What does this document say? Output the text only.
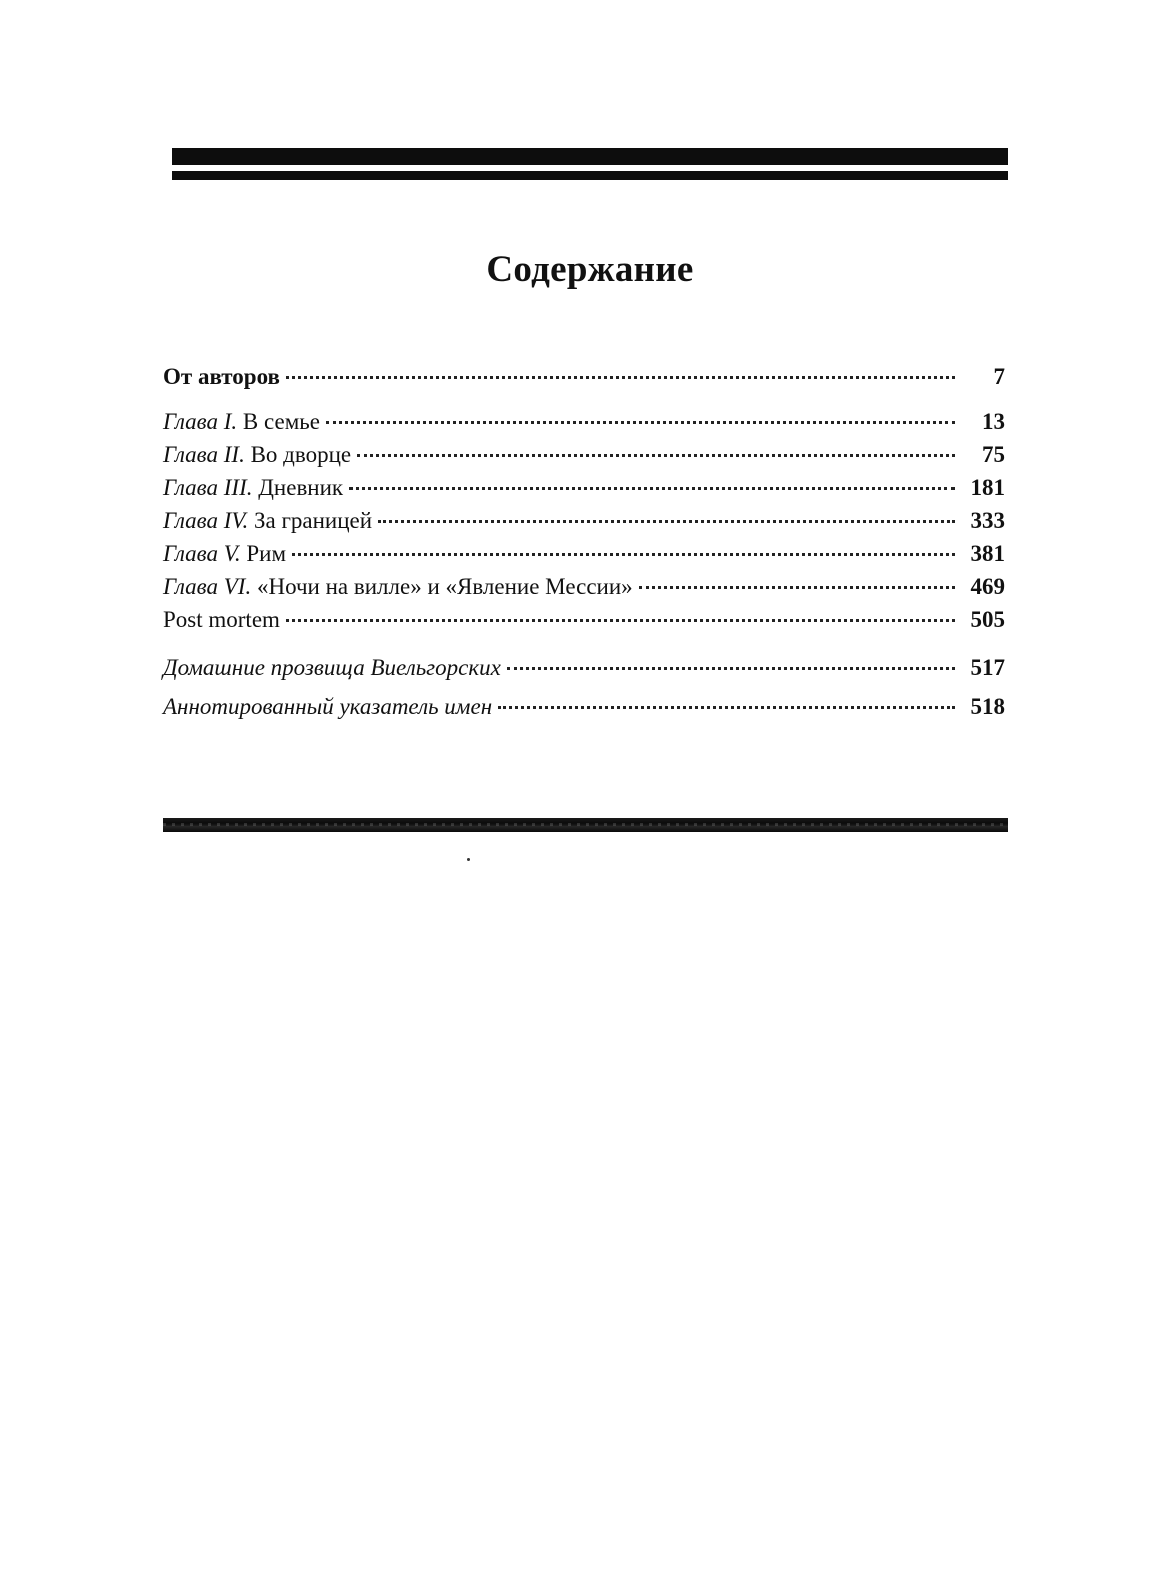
Содержание
От авторов	7
Глава I. В семье	13
Глава II. Во дворце	75
Глава III. Дневник	181
Глава IV. За границей	333
Глава V. Рим	381
Глава VI. «Ночи на вилле» и «Явление Мессии»	469
Post mortem	505
Домашние прозвища Виельгорских	517
Аннотированный указатель имен	518
